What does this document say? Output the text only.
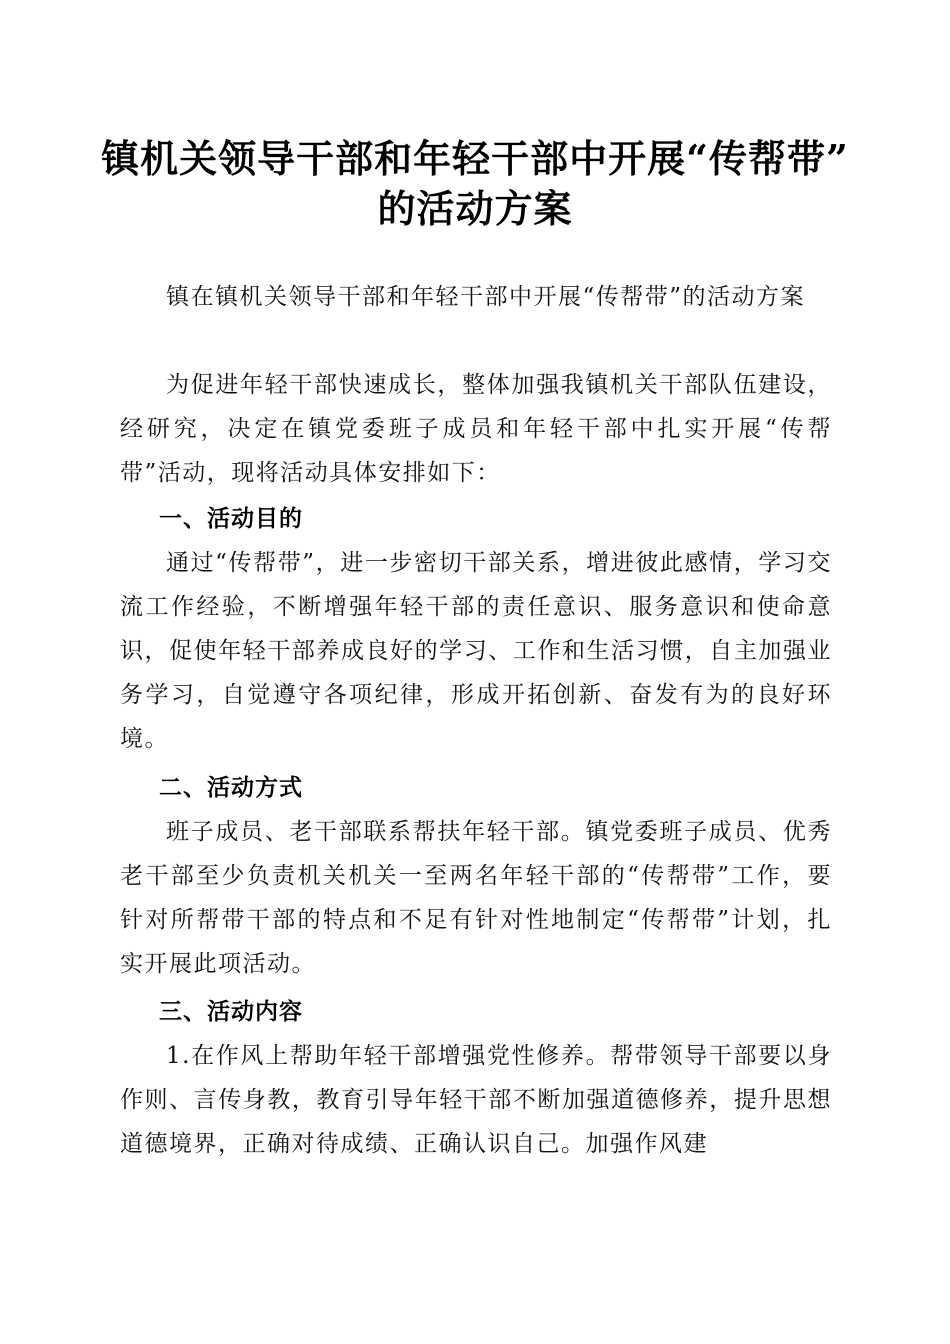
镇机关领导干部和年轻干部中开展“传帮带”
的活动方案

镇在镇机关领导干部和年轻干部中开展“传帮带”的活动方案

为促进年轻干部快速成长，整体加强我镇机关干部队伍建设，经研究，决定在镇党委班子成员和年轻干部中扎实开展“传帮带”活动，现将活动具体安排如下：

一、活动目的

通过“传帮带”，进一步密切干部关系，增进彼此感情，学习交流工作经验，不断增强年轻干部的责任意识、服务意识和使命意识，促使年轻干部养成良好的学习、工作和生活习惯，自主加强业务学习，自觉遵守各项纪律，形成开拓创新、奋发有为的良好环境。

二、活动方式

班子成员、老干部联系帮扶年轻干部。镇党委班子成员、优秀老干部至少负责机关机关一至两名年轻干部的“传帮带”工作，要针对所帮带干部的特点和不足有针对性地制定“传帮带”计划，扎实开展此项活动。

三、活动内容

1.在作风上帮助年轻干部增强党性修养。帮带领导干部要以身作则、言传身教，教育引导年轻干部不断加强道德修养，提升思想道德境界，正确对待成绩、正确认识自己。加强作风建
